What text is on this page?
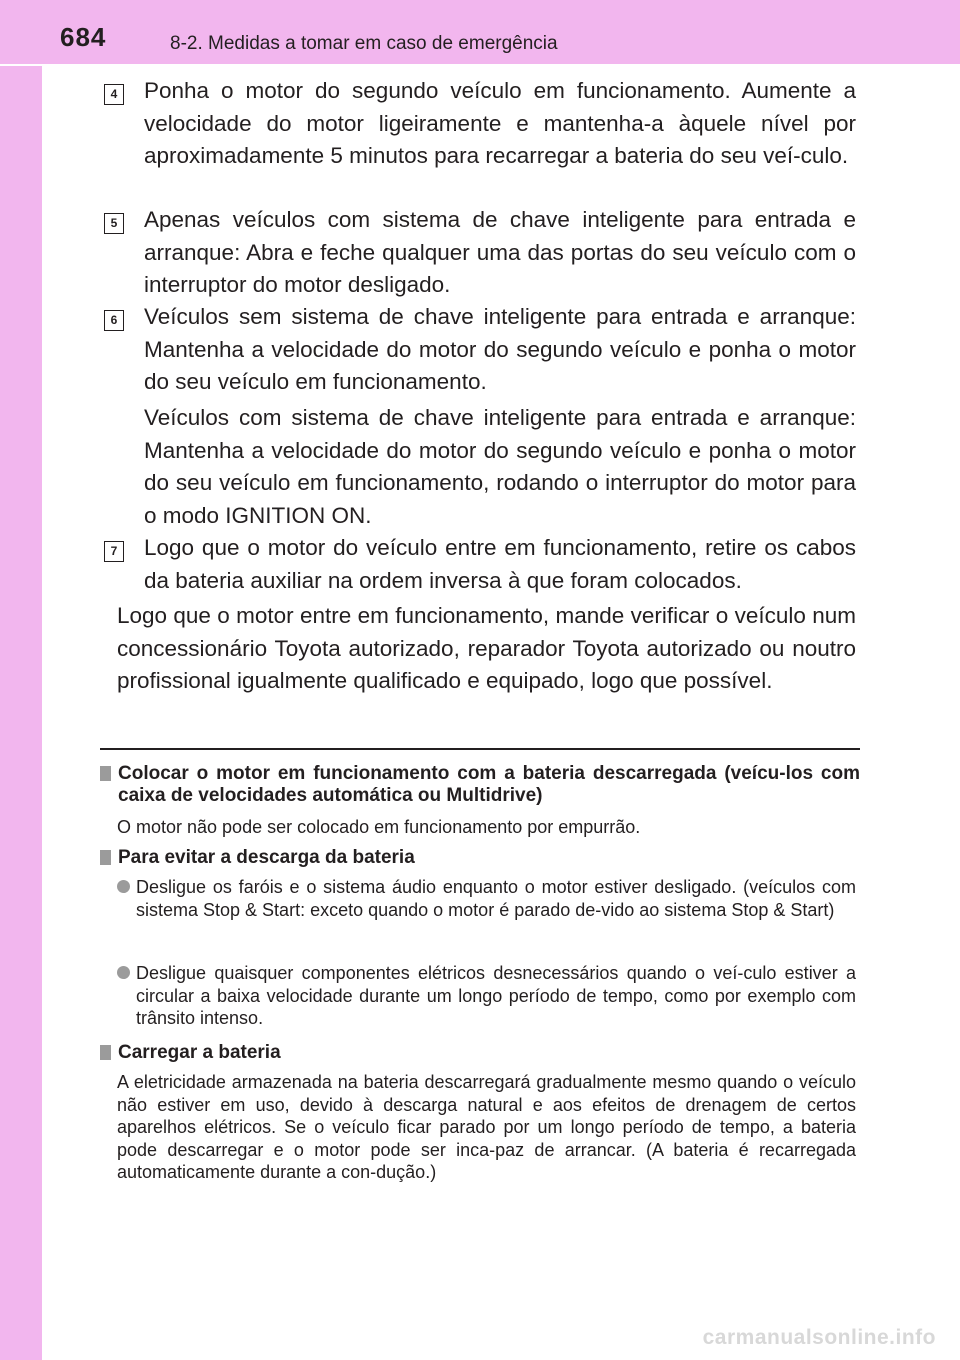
684	8-2. Medidas a tomar em caso de emergência
4 Ponha o motor do segundo veículo em funcionamento. Aumente a velocidade do motor ligeiramente e mantenha-a àquele nível por aproximadamente 5 minutos para recarregar a bateria do seu veí-culo.
5 Apenas veículos com sistema de chave inteligente para entrada e arranque: Abra e feche qualquer uma das portas do seu veículo com o interruptor do motor desligado.
6 Veículos sem sistema de chave inteligente para entrada e arranque: Mantenha a velocidade do motor do segundo veículo e ponha o motor do seu veículo em funcionamento.
Veículos com sistema de chave inteligente para entrada e arranque: Mantenha a velocidade do motor do segundo veículo e ponha o motor do seu veículo em funcionamento, rodando o interruptor do motor para o modo IGNITION ON.
7 Logo que o motor do veículo entre em funcionamento, retire os cabos da bateria auxiliar na ordem inversa à que foram colocados.
Logo que o motor entre em funcionamento, mande verificar o veículo num concessionário Toyota autorizado, reparador Toyota autorizado ou noutro profissional igualmente qualificado e equipado, logo que possível.
Colocar o motor em funcionamento com a bateria descarregada (veícu-los com caixa de velocidades automática ou Multidrive)
O motor não pode ser colocado em funcionamento por empurrão.
Para evitar a descarga da bateria
Desligue os faróis e o sistema áudio enquanto o motor estiver desligado. (veículos com sistema Stop & Start: exceto quando o motor é parado de-vido ao sistema Stop & Start)
Desligue quaisquer componentes elétricos desnecessários quando o veí-culo estiver a circular a baixa velocidade durante um longo período de tempo, como por exemplo com trânsito intenso.
Carregar a bateria
A eletricidade armazenada na bateria descarregará gradualmente mesmo quando o veículo não estiver em uso, devido à descarga natural e aos efeitos de drenagem de certos aparelhos elétricos. Se o veículo ficar parado por um longo período de tempo, a bateria pode descarregar e o motor pode ser inca-paz de arrancar. (A bateria é recarregada automaticamente durante a con-dução.)
carmanualsonline.info
